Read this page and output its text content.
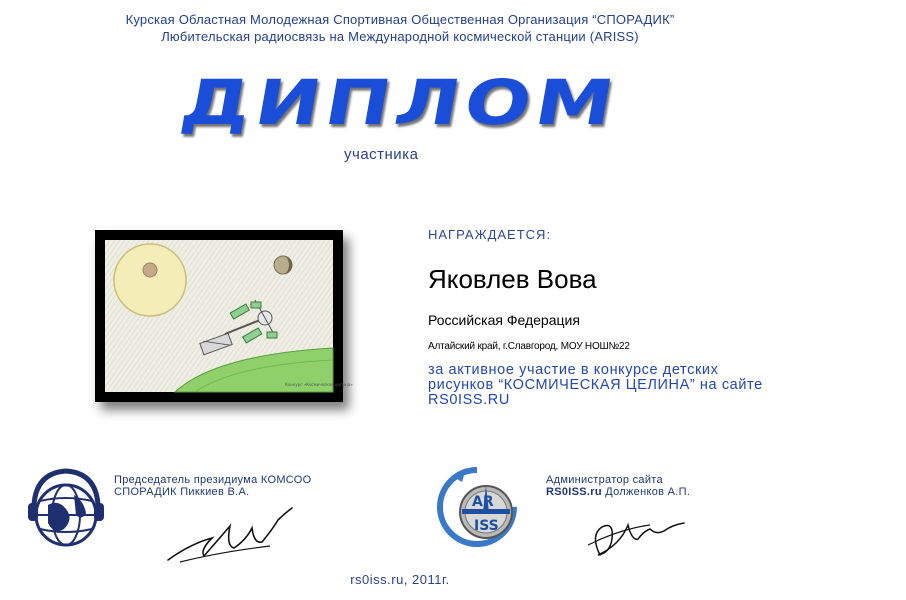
Курская Областная Молодежная Спортивная Общественная Организация “СПОРАДИК”
Любительская радиосвязь на Международной космической станции (ARISS)
ДИПЛОМ
участника
Конкурс «Космическая целина»
НАГРАЖДАЕТСЯ:
Яковлев Вова
Российская Федерация
Алтайский край, г.Славгород, МОУ НОШ№22
за активное участие в конкурсе детских рисунков “КОСМИЧЕСКАЯ ЦЕЛИНА” на сайте RS0ISS.RU
Председатель президиума КОМСОО
СПОРАДИК Пиккиев В.А.
AR
ISS
Администратор сайта
RS0ISS.ru Долженков А.П.
rs0iss.ru, 2011г.
